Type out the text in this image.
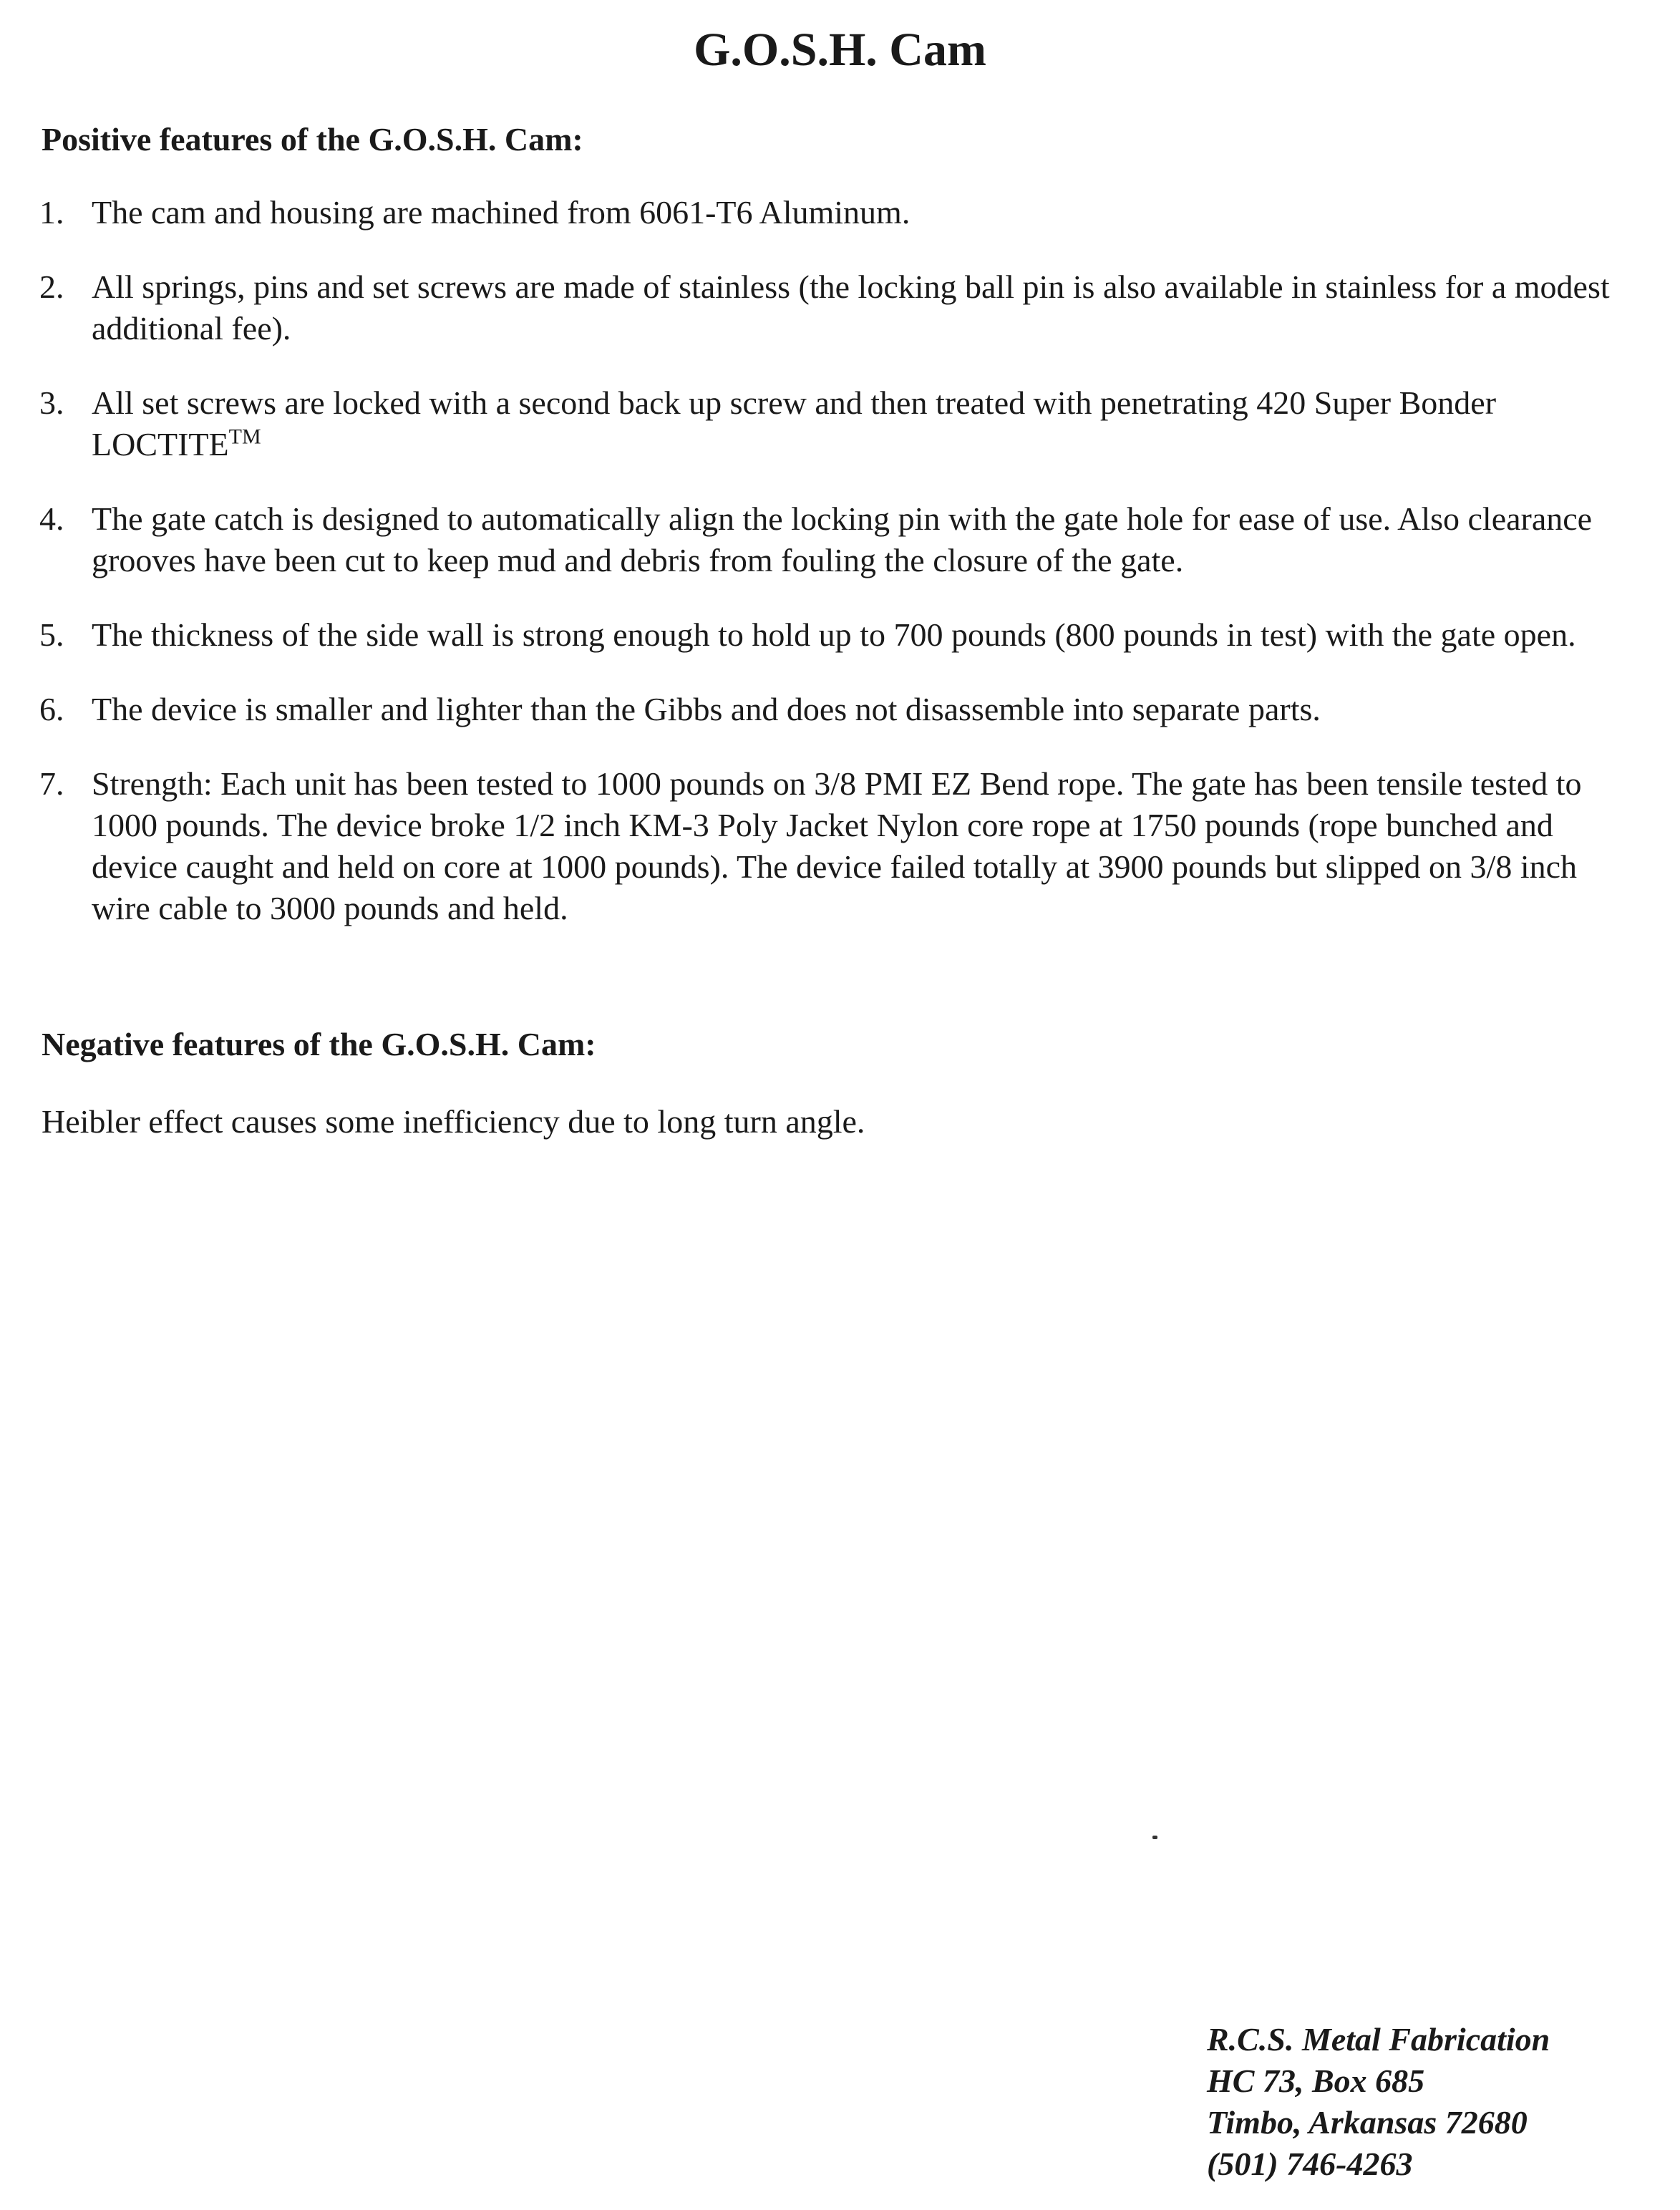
G.O.S.H. Cam
Positive features of the G.O.S.H. Cam:
1. The cam and housing are machined from 6061-T6 Aluminum.
2. All springs, pins and set screws are made of stainless (the locking ball pin is also available in stainless for a modest additional fee).
3. All set screws are locked with a second back up screw and then treated with penetrating 420 Super Bonder LOCTITE™
4. The gate catch is designed to automatically align the locking pin with the gate hole for ease of use. Also clearance grooves have been cut to keep mud and debris from fouling the closure of the gate.
5. The thickness of the side wall is strong enough to hold up to 700 pounds (800 pounds in test) with the gate open.
6. The device is smaller and lighter than the Gibbs and does not disassemble into separate parts.
7. Strength: Each unit has been tested to 1000 pounds on 3/8 PMI EZ Bend rope. The gate has been tensile tested to 1000 pounds. The device broke 1/2 inch KM-3 Poly Jacket Nylon core rope at 1750 pounds (rope bunched and device caught and held on core at 1000 pounds). The device failed totally at 3900 pounds but slipped on 3/8 inch wire cable to 3000 pounds and held.
Negative features of the G.O.S.H. Cam:

Heibler effect causes some inefficiency due to long turn angle.

R.C.S. Metal Fabrication
HC 73, Box 685
Timbo, Arkansas 72680
(501) 746-4263
